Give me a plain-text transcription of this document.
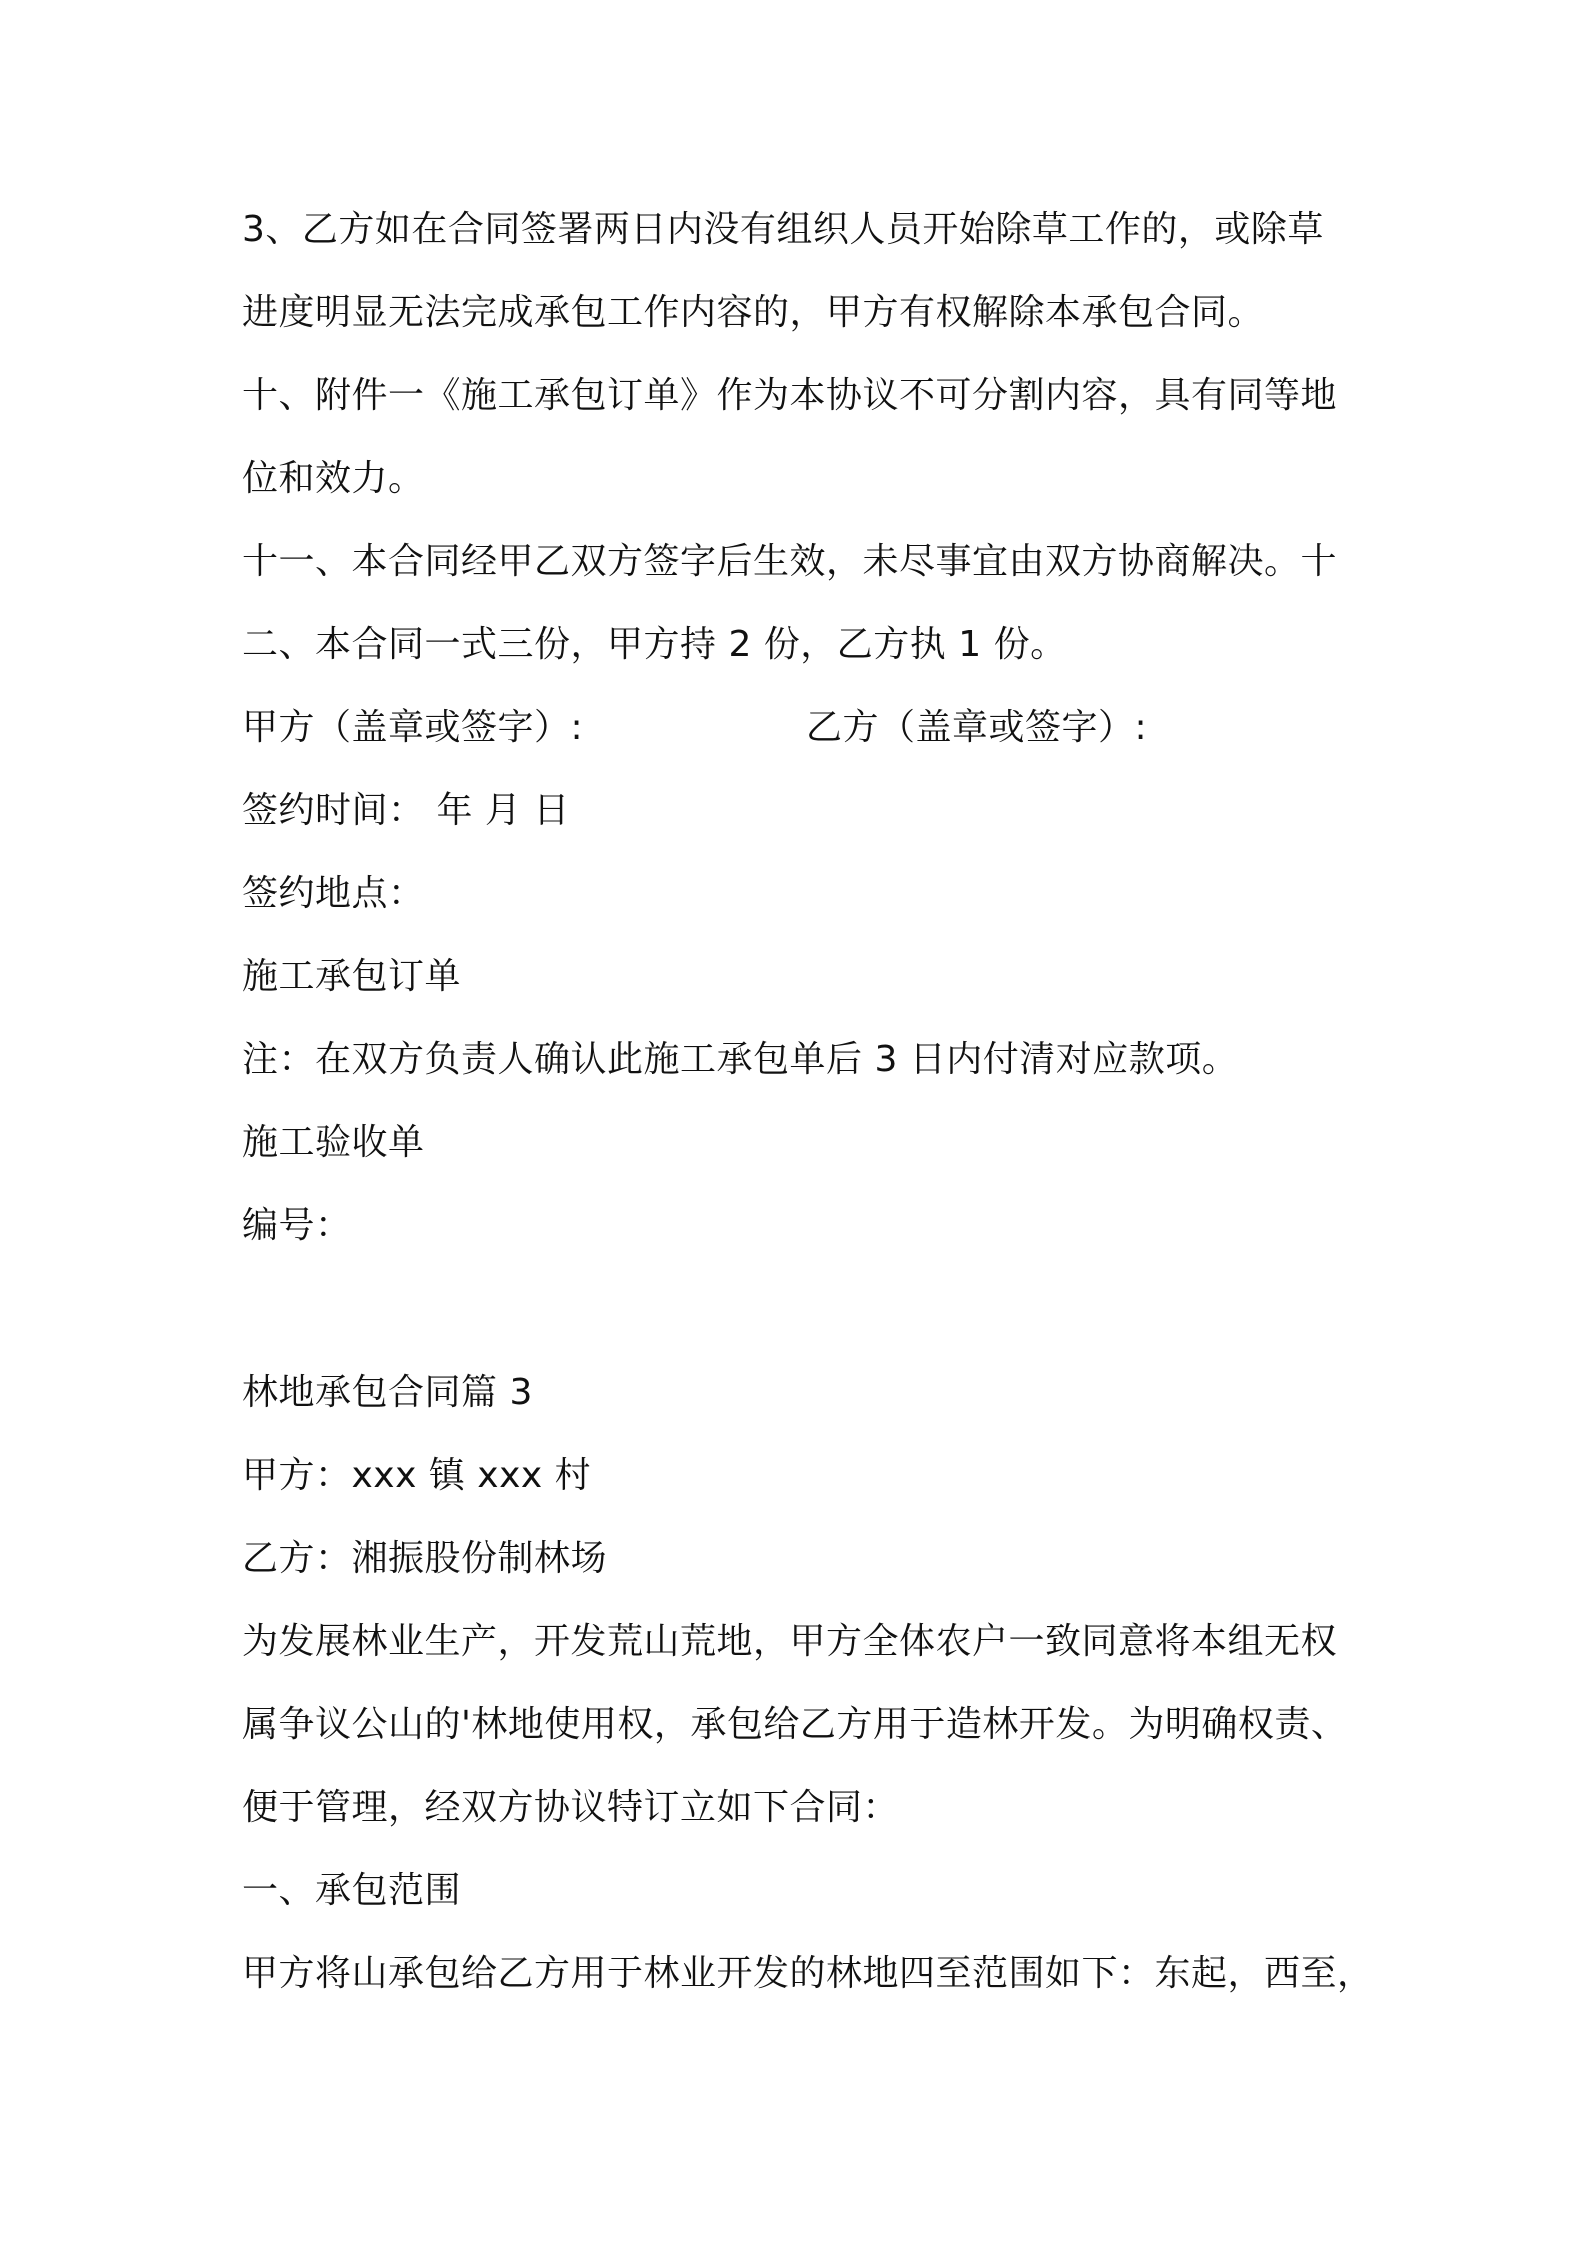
3、乙方如在合同签署两日内没有组织人员开始除草工作的，或除草
进度明显无法完成承包工作内容的，甲方有权解除本承包合同。
十、附件一《施工承包订单》作为本协议不可分割内容，具有同等地
位和效力。
十一、本合同经甲乙双方签字后生效，未尽事宜由双方协商解决。十
二、本合同一式三份，甲方持 2 份，乙方执 1 份。
甲方（盖章或签字）:	乙方（盖章或签字）:
签约时间： 年 月 日
签约地点：
施工承包订单
注：在双方负责人确认此施工承包单后 3 日内付清对应款项。
施工验收单
编号：
林地承包合同篇 3
甲方：xxx 镇 xxx 村
乙方：湘振股份制林场
为发展林业生产，开发荒山荒地，甲方全体农户一致同意将本组无权
属争议公山的'林地使用权，承包给乙方用于造林开发。为明确权责、
便于管理，经双方协议特订立如下合同：
一、承包范围
甲方将山承包给乙方用于林业开发的林地四至范围如下：东起，西至，
